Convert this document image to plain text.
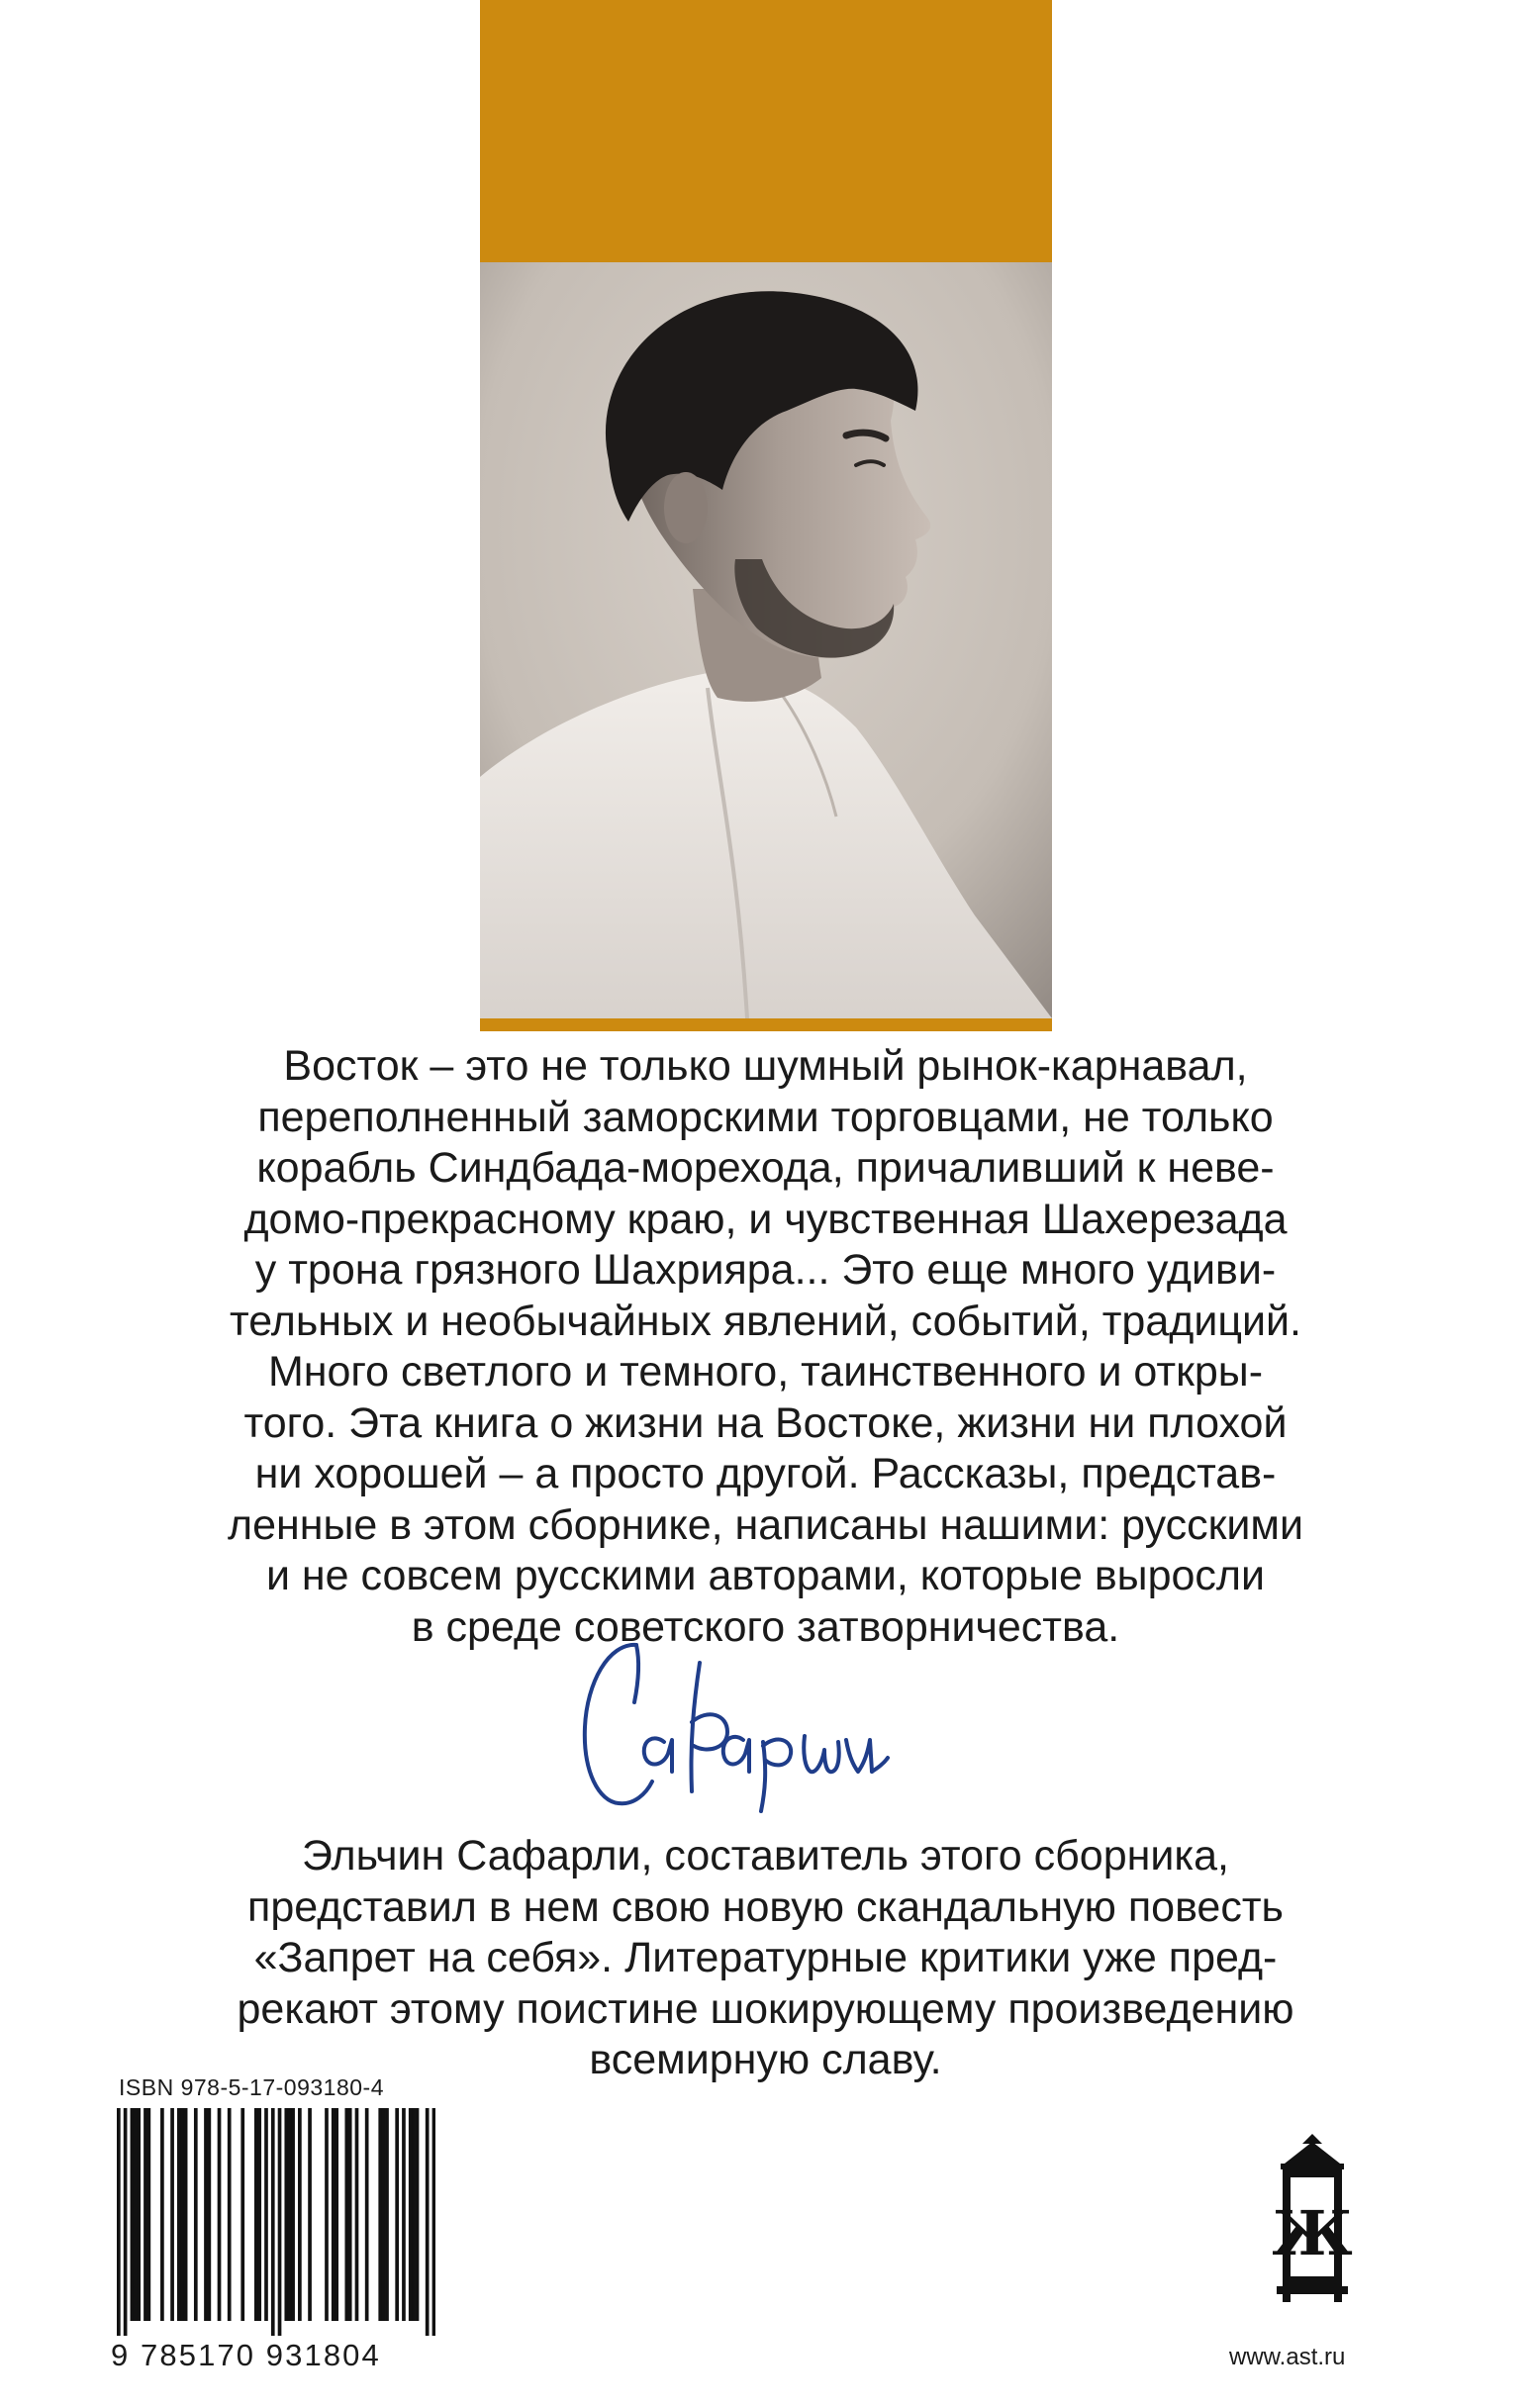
Восток – это не только шумный рынок-карнавал,
переполненный заморскими торговцами, не только
корабль Синдбада-морехода, причаливший к неве-
домо-прекрасному краю, и чувственная Шахерезада
у трона грязного Шахрияра... Это еще много удиви-
тельных и необычайных явлений, событий, традиций.
Много светлого и темного, таинственного и откры-
того. Эта книга о жизни на Востоке, жизни ни плохой
ни хорошей – а просто другой. Рассказы, представ-
ленные в этом сборнике, написаны нашими: русскими
и не совсем русскими авторами, которые выросли
в среде советского затворничества.
Эльчин Сафарли, составитель этого сборника,
представил в нем свою новую скандальную повесть
«Запрет на себя». Литературные критики уже пред-
рекают этому поистине шокирующему произведению
всемирную славу.
ISBN 978-5-17-093180-4
9 785170 931804
Ж
www.ast.ru
